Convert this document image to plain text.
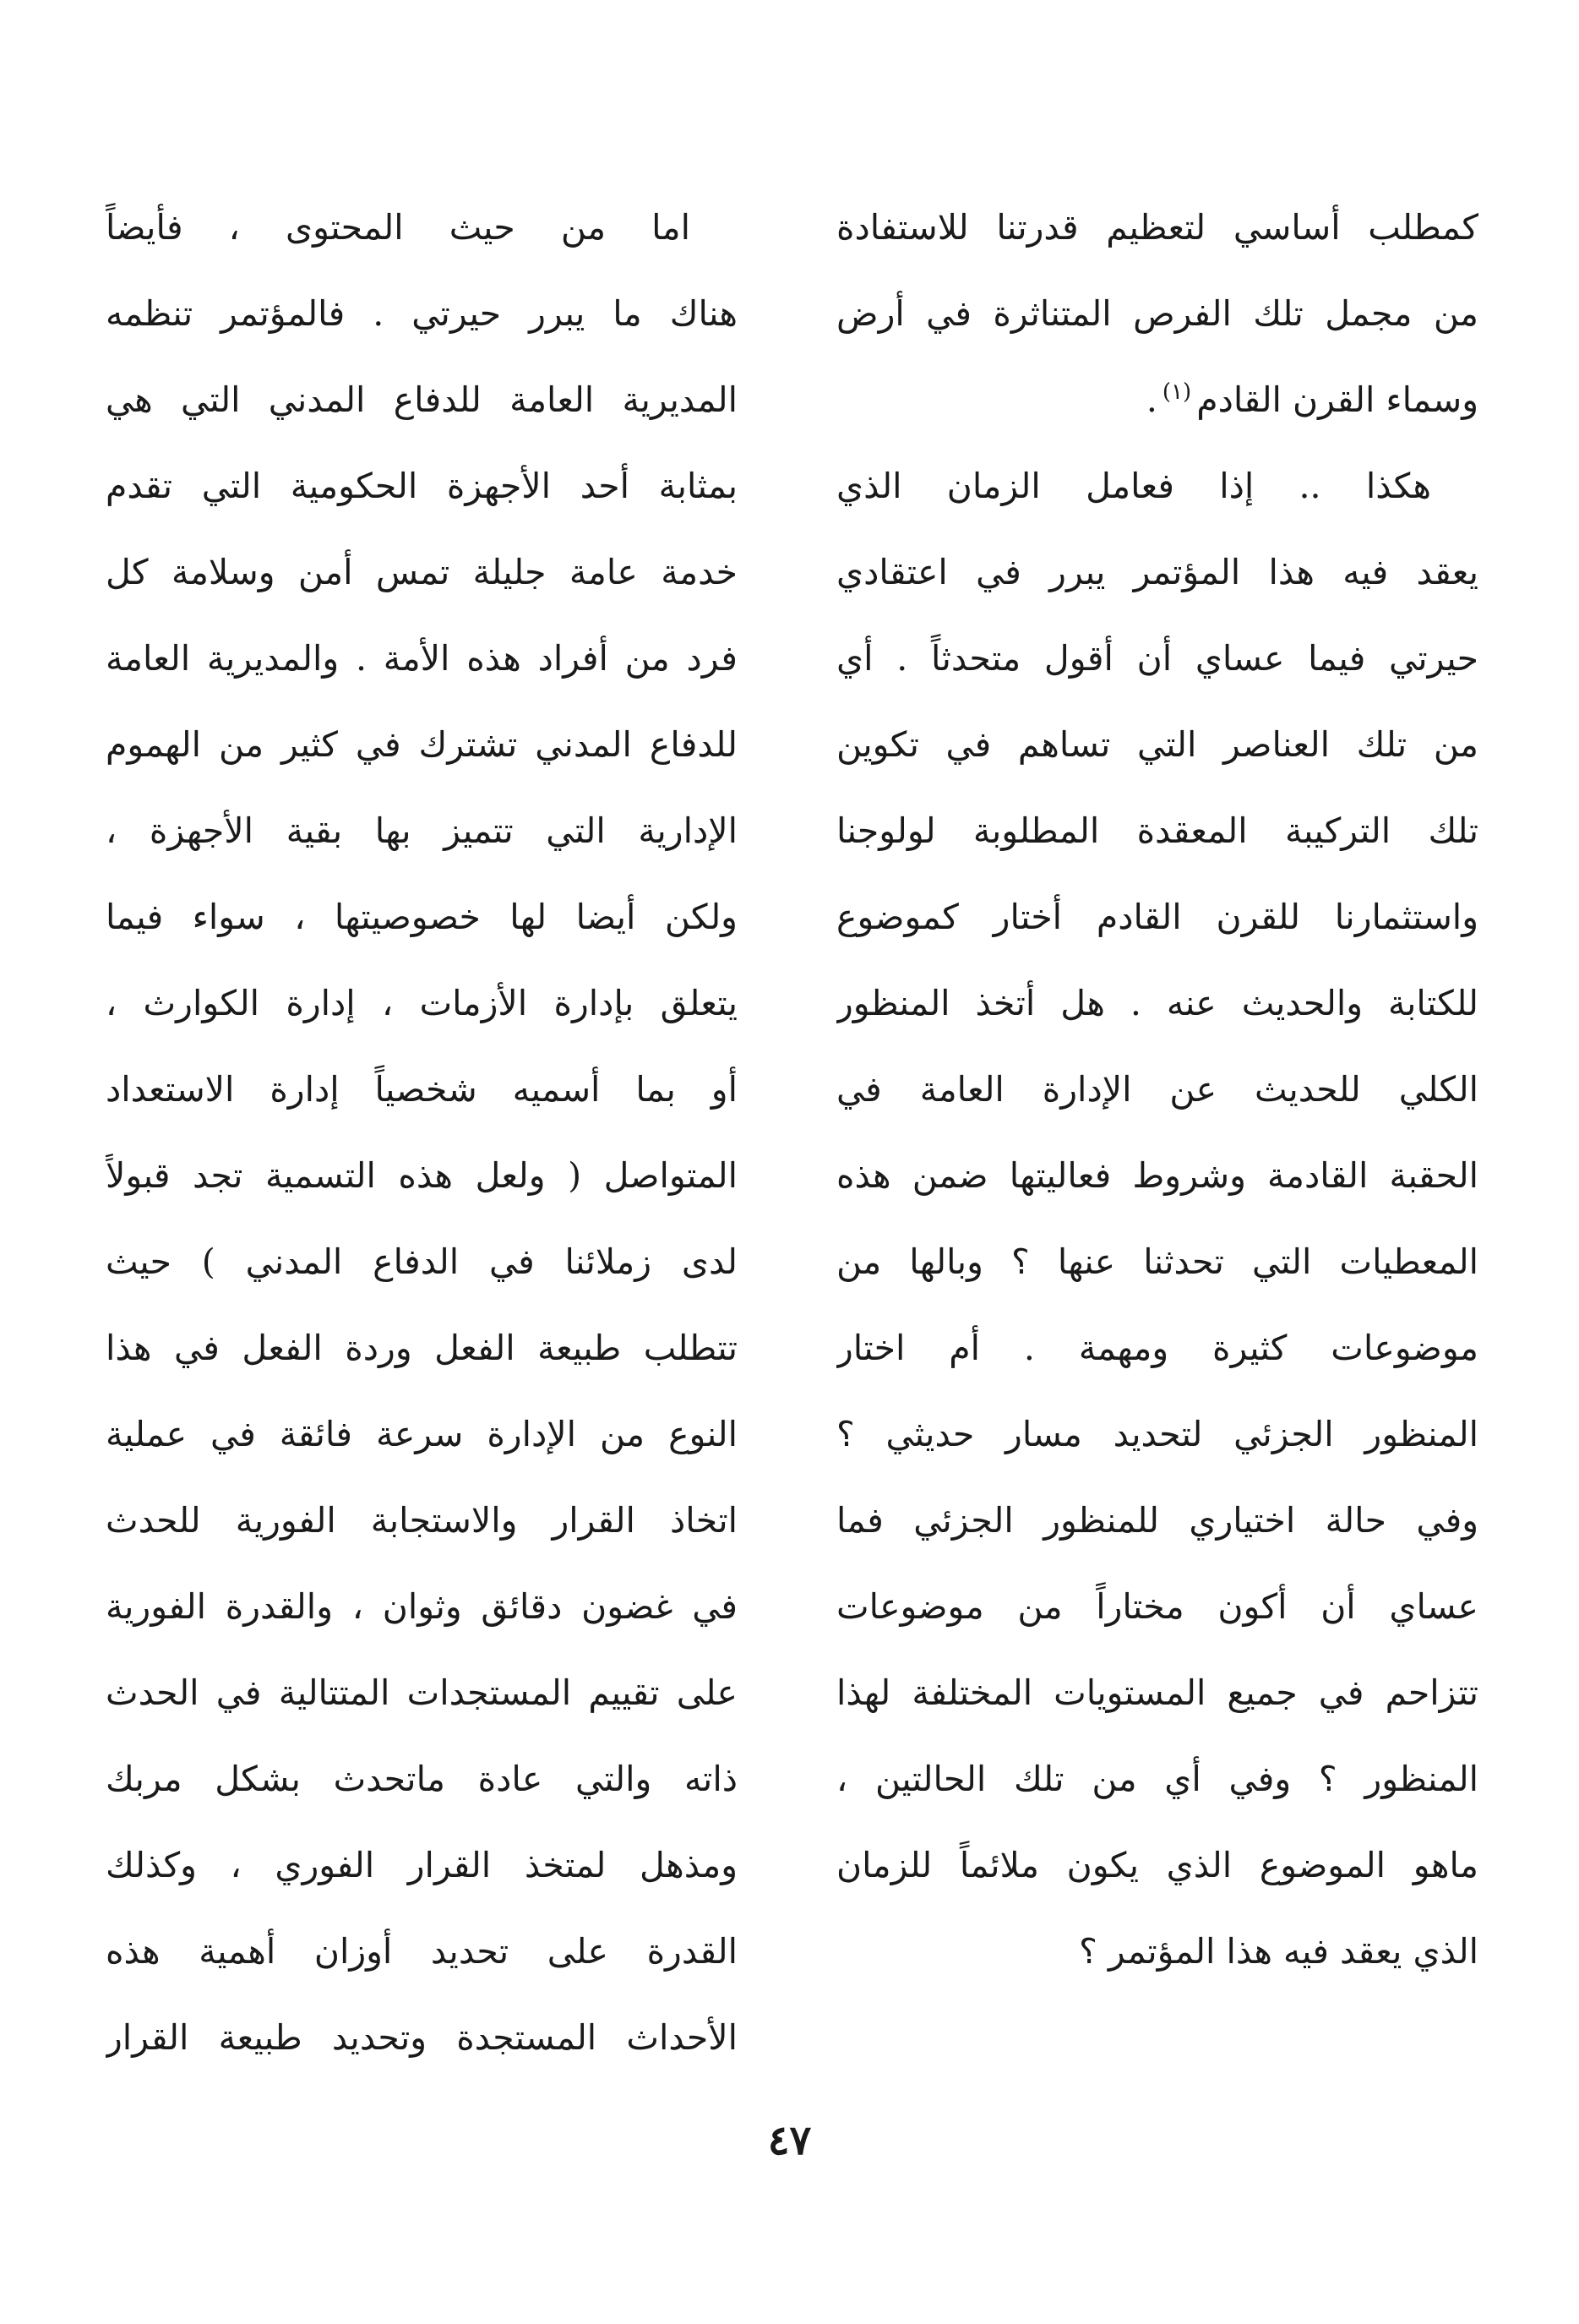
كمطلب أساسي لتعظيم قدرتنا للاستفادة
من مجمل تلك الفرص المتناثرة في أرض
وسماء القرن القادم$^{(١)}$.
هكذا .. إذا فعامل الزمان الذي
يعقد فيه هذا المؤتمر يبرر في اعتقادي
حيرتي فيما عساي أن أقول متحدثاً . أي
من تلك العناصر التي تساهم في تكوين
تلك التركيبة المعقدة المطلوبة لولوجنا
واستثمارنا للقرن القادم أختار كموضوع
للكتابة والحديث عنه . هل أتخذ المنظور
الكلي للحديث عن الإدارة العامة في
الحقبة القادمة وشروط فعاليتها ضمن هذه
المعطيات التي تحدثنا عنها ؟ وبالها من
موضوعات كثيرة ومهمة . أم اختار
المنظور الجزئي لتحديد مسار حديثي ؟
وفي حالة اختياري للمنظور الجزئي فما
عساي أن أكون مختاراً من موضوعات
تتزاحم في جميع المستويات المختلفة لهذا
المنظور ؟ وفي أي من تلك الحالتين ،
ماهو الموضوع الذي يكون ملائماً للزمان
الذي يعقد فيه هذا المؤتمر ؟
اما من حيث المحتوى ، فأيضاً
هناك ما يبرر حيرتي . فالمؤتمر تنظمه
المديرية العامة للدفاع المدني التي هي
بمثابة أحد الأجهزة الحكومية التي تقدم
خدمة عامة جليلة تمس أمن وسلامة كل
فرد من أفراد هذه الأمة . والمديرية العامة
للدفاع المدني تشترك في كثير من الهموم
الإدارية التي تتميز بها بقية الأجهزة ،
ولكن أيضا لها خصوصيتها ، سواء فيما
يتعلق بإدارة الأزمات ، إدارة الكوارث ،
أو بما أسميه شخصياً إدارة الاستعداد
المتواصل ( ولعل هذه التسمية تجد قبولاً
لدى زملائنا في الدفاع المدني ) حيث
تتطلب طبيعة الفعل وردة الفعل في هذا
النوع من الإدارة سرعة فائقة في عملية
اتخاذ القرار والاستجابة الفورية للحدث
في غضون دقائق وثوان ، والقدرة الفورية
على تقييم المستجدات المتتالية في الحدث
ذاته والتي عادة ماتحدث بشكل مربك
ومذهل لمتخذ القرار الفوري ، وكذلك
القدرة على تحديد أوزان أهمية هذه
الأحداث المستجدة وتحديد طبيعة القرار
٤٧
